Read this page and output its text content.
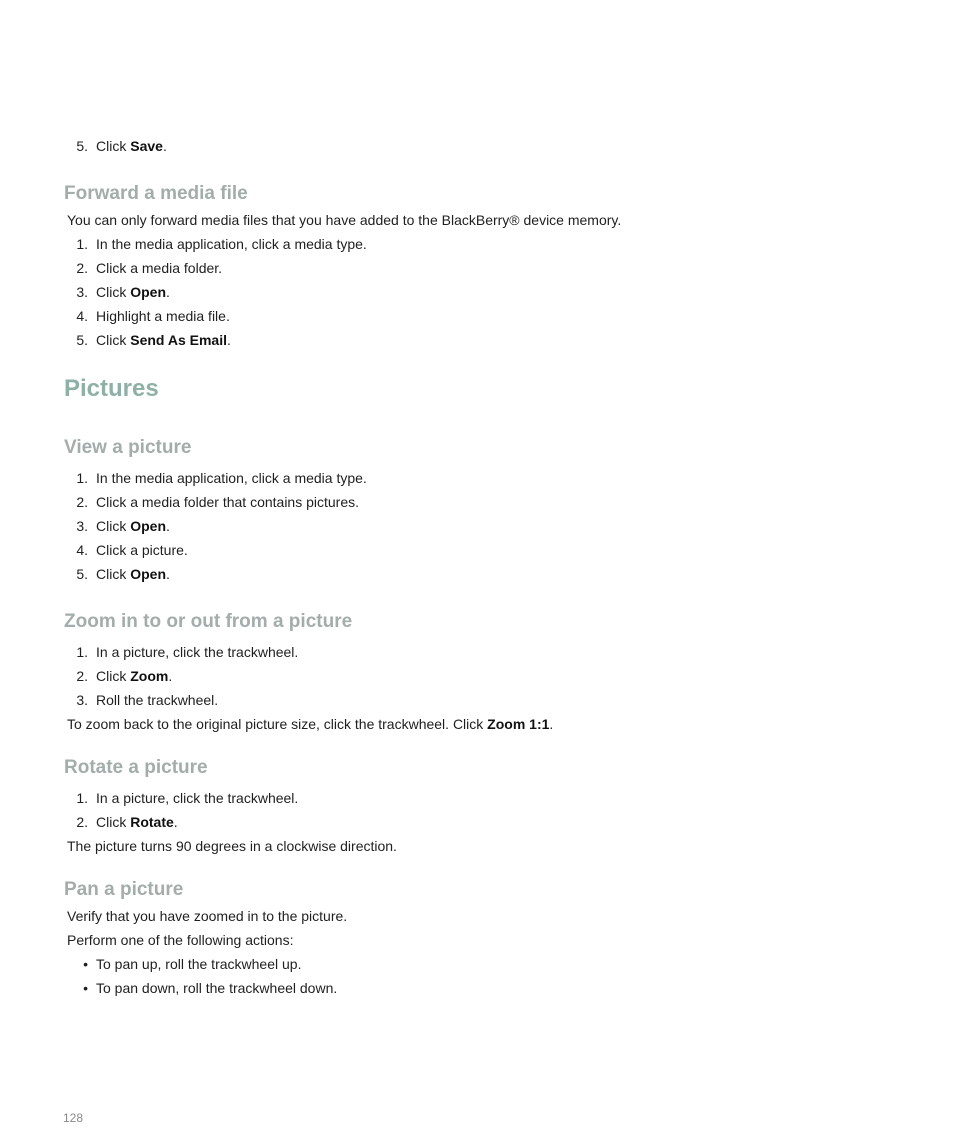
5. Click Save.
Forward a media file
You can only forward media files that you have added to the BlackBerry® device memory.
1. In the media application, click a media type.
2. Click a media folder.
3. Click Open.
4. Highlight a media file.
5. Click Send As Email.
Pictures
View a picture
1. In the media application, click a media type.
2. Click a media folder that contains pictures.
3. Click Open.
4. Click a picture.
5. Click Open.
Zoom in to or out from a picture
1. In a picture, click the trackwheel.
2. Click Zoom.
3. Roll the trackwheel.
To zoom back to the original picture size, click the trackwheel. Click Zoom 1:1.
Rotate a picture
1. In a picture, click the trackwheel.
2. Click Rotate.
The picture turns 90 degrees in a clockwise direction.
Pan a picture
Verify that you have zoomed in to the picture.
Perform one of the following actions:
• To pan up, roll the trackwheel up.
• To pan down, roll the trackwheel down.
128
